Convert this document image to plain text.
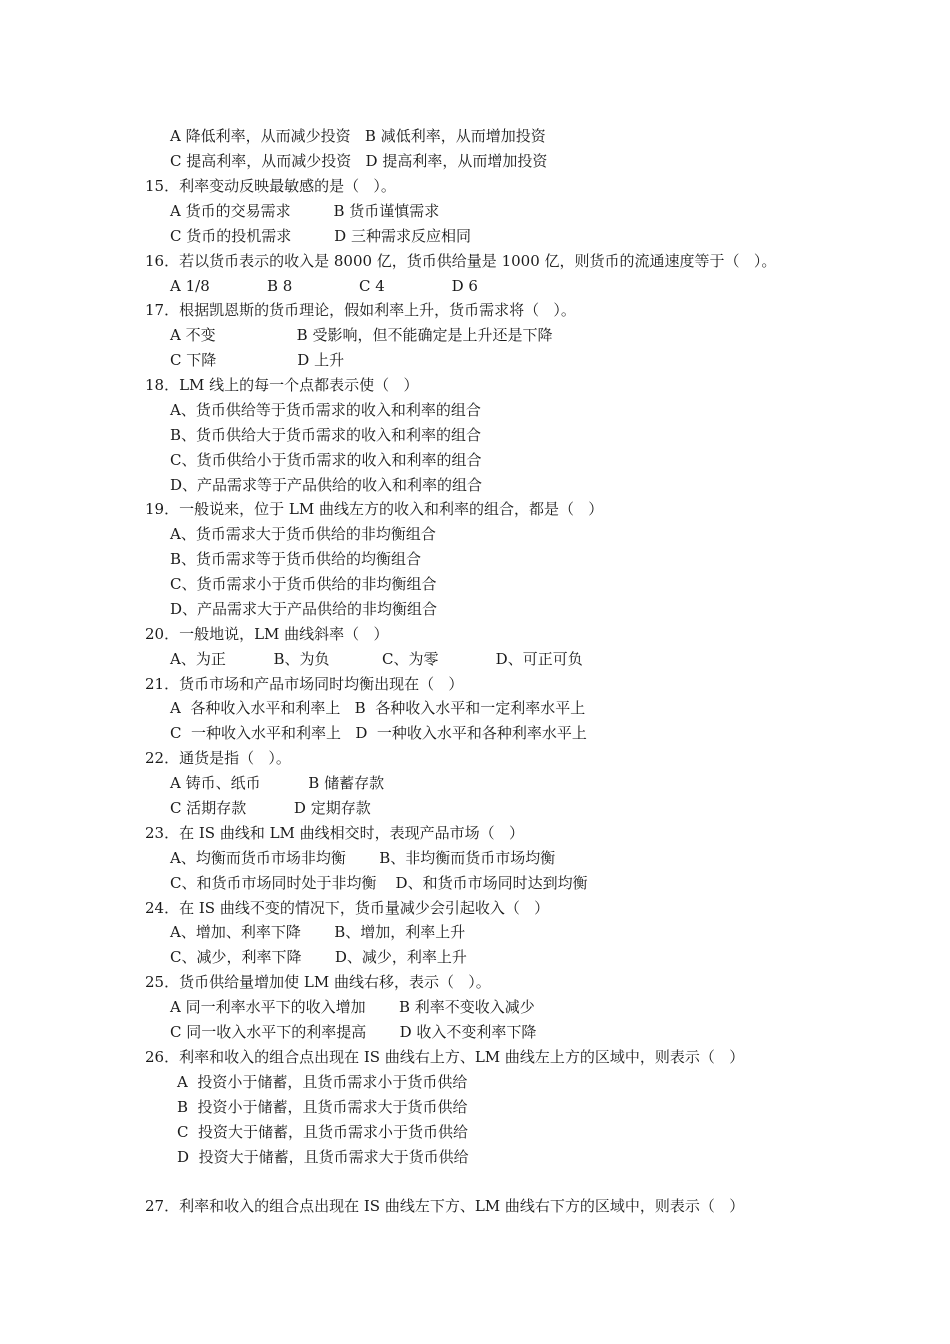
A 降低利率，从而减少投资   B 减低利率，从而增加投资
C 提高利率，从而减少投资   D 提高利率，从而增加投资
15．利率变动反映最敏感的是（   ）。
A 货币的交易需求         B 货币谨慎需求
C 货币的投机需求         D 三种需求反应相同
16．若以货币表示的收入是 8000 亿，货币供给量是 1000 亿，则货币的流通速度等于（   ）。
A 1/8            B 8              C 4              D 6
17．根据凯恩斯的货币理论，假如利率上升，货币需求将（   ）。
A 不变                 B 受影响，但不能确定是上升还是下降
C 下降                 D 上升
18．LM 线上的每一个点都表示使（   ）
A、货币供给等于货币需求的收入和利率的组合
B、货币供给大于货币需求的收入和利率的组合
C、货币供给小于货币需求的收入和利率的组合
D、产品需求等于产品供给的收入和利率的组合
19．一般说来，位于 LM 曲线左方的收入和利率的组合，都是（   ）
A、货币需求大于货币供给的非均衡组合
B、货币需求等于货币供给的均衡组合
C、货币需求小于货币供给的非均衡组合
D、产品需求大于产品供给的非均衡组合
20．一般地说，LM 曲线斜率（   ）
A、为正          B、为负           C、为零            D、可正可负
21．货币市场和产品市场同时均衡出现在（   ）
A  各种收入水平和利率上   B  各种收入水平和一定利率水平上
C  一种收入水平和利率上   D  一种收入水平和各种利率水平上
22．通货是指（   ）。
A 铸币、纸币          B 储蓄存款
C 活期存款          D 定期存款
23．在 IS 曲线和 LM 曲线相交时，表现产品市场（   ）
A、均衡而货币市场非均衡       B、非均衡而货币市场均衡
C、和货币市场同时处于非均衡    D、和货币市场同时达到均衡
24．在 IS 曲线不变的情况下，货币量减少会引起收入（   ）
A、增加、利率下降       B、增加，利率上升
C、减少，利率下降       D、减少，利率上升
25．货币供给量增加使 LM 曲线右移，表示（   ）。
A 同一利率水平下的收入增加       B 利率不变收入减少
C 同一收入水平下的利率提高       D 收入不变利率下降
26．利率和收入的组合点出现在 IS 曲线右上方、LM 曲线左上方的区域中，则表示（   ）
A  投资小于储蓄，且货币需求小于货币供给
B  投资小于储蓄，且货币需求大于货币供给
C  投资大于储蓄，且货币需求小于货币供给
D  投资大于储蓄，且货币需求大于货币供给
27．利率和收入的组合点出现在 IS 曲线左下方、LM 曲线右下方的区域中，则表示（   ）
